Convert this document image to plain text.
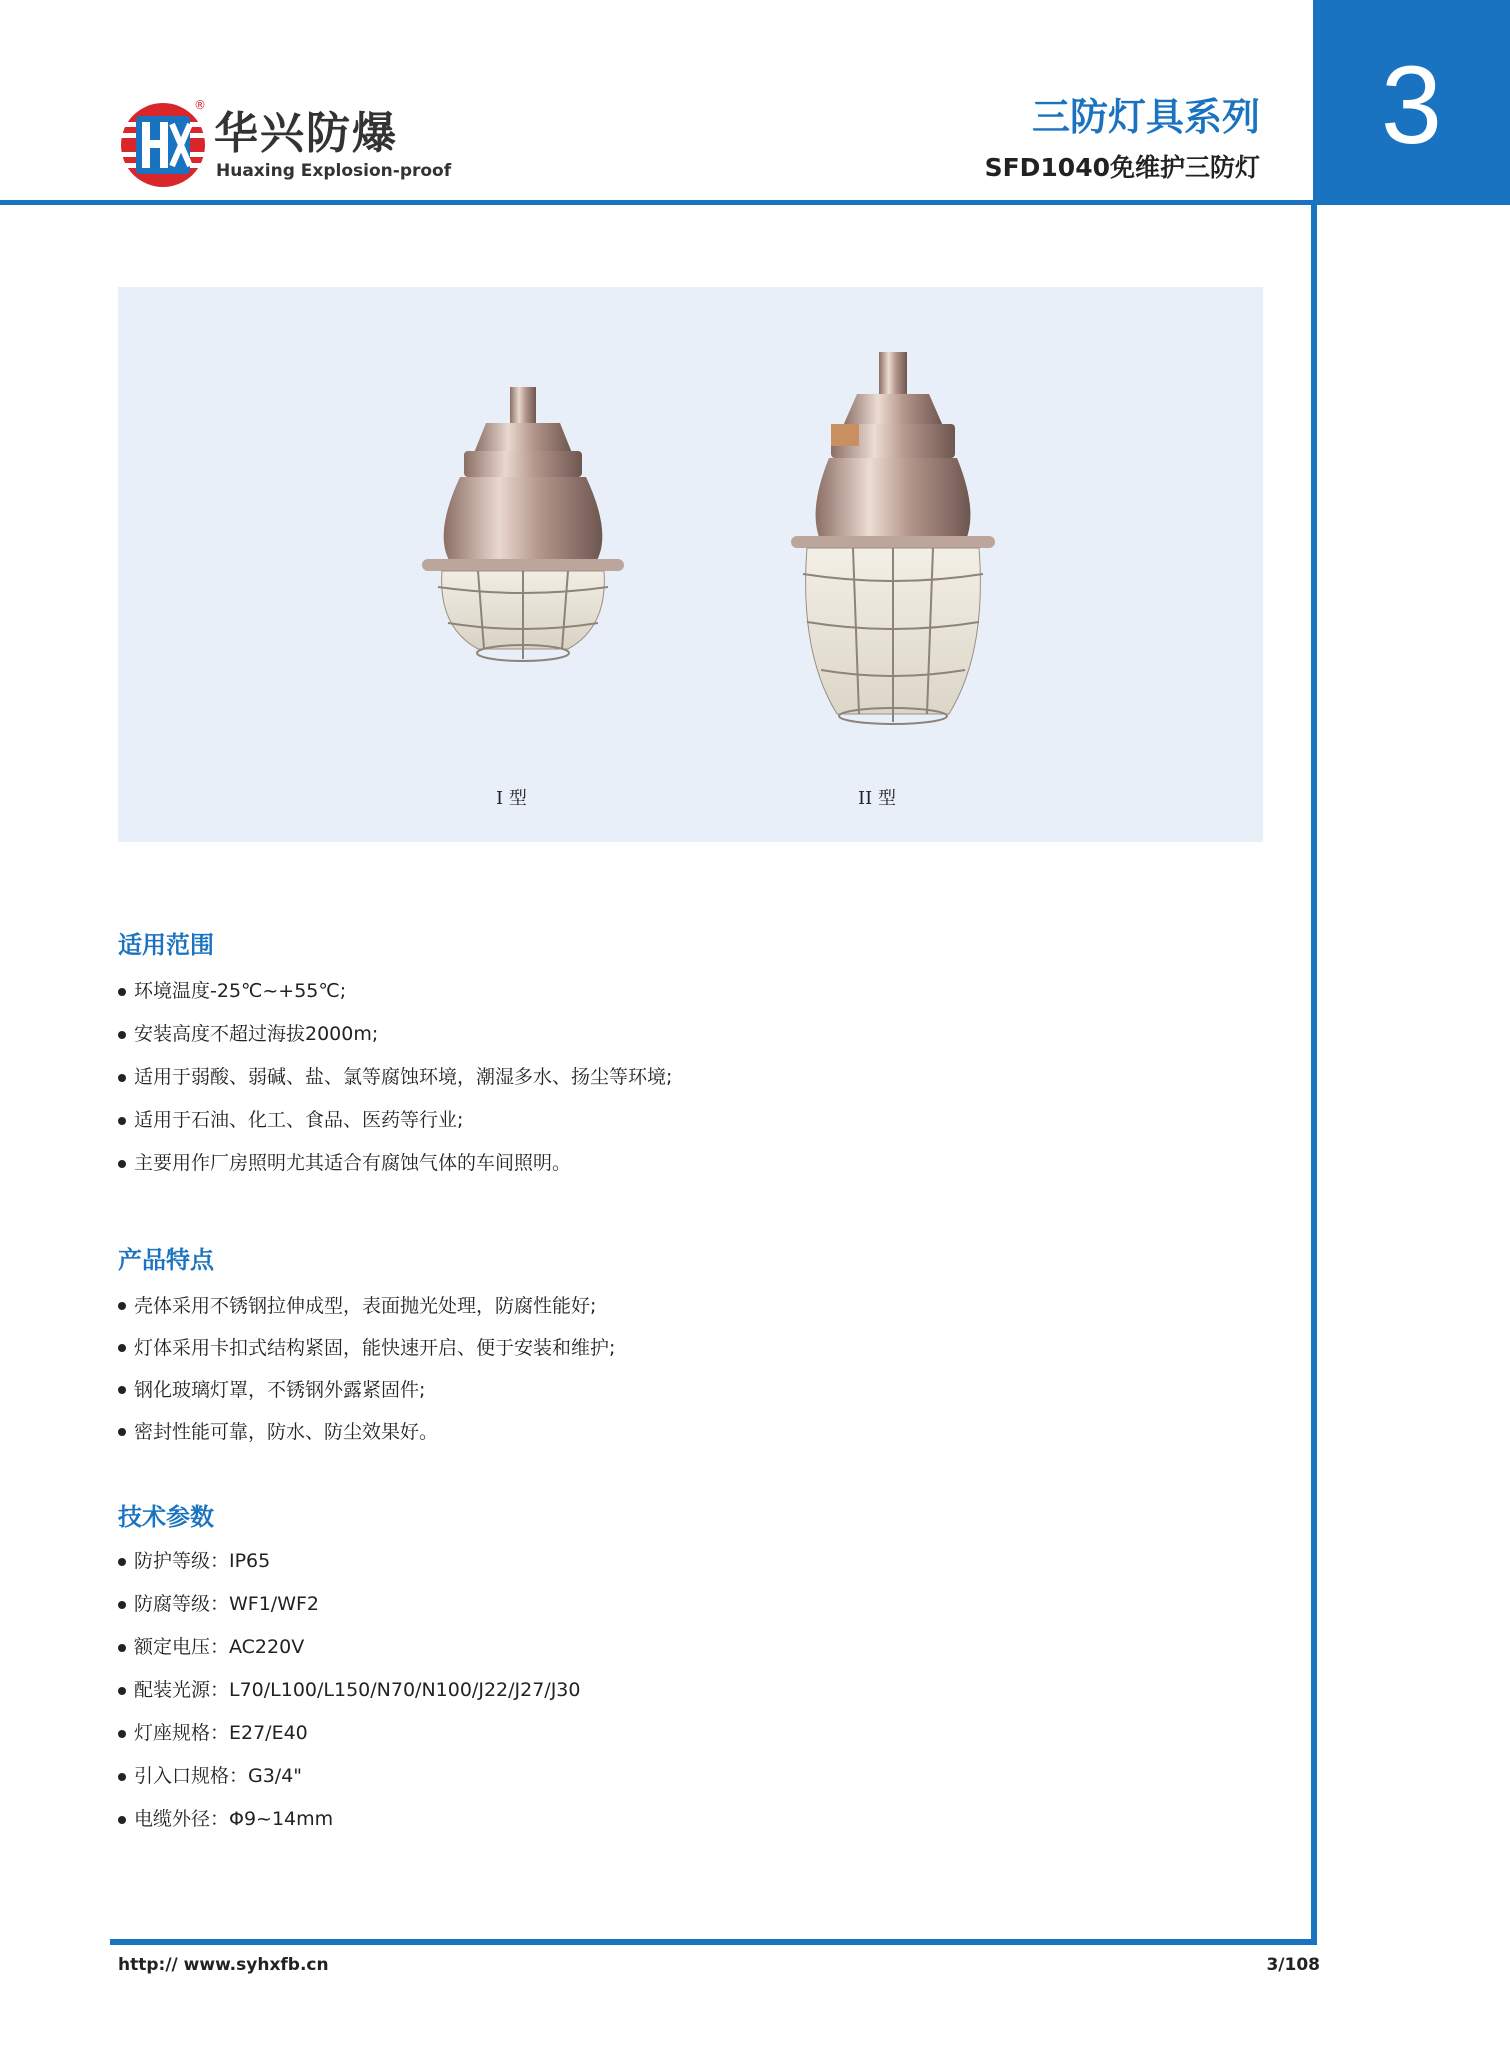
®
华兴防爆
Huaxing Explosion-proof
三防灯具系列
SFD1040免维护三防灯
3
I 型	II 型
适用范围
环境温度-25℃~+55℃;
安装高度不超过海拔2000m;
适用于弱酸、弱碱、盐、氯等腐蚀环境，潮湿多水、扬尘等环境;
适用于石油、化工、食品、医药等行业;
主要用作厂房照明尤其适合有腐蚀气体的车间照明。
产品特点
壳体采用不锈钢拉伸成型，表面抛光处理，防腐性能好;
灯体采用卡扣式结构紧固，能快速开启、便于安装和维护;
钢化玻璃灯罩，不锈钢外露紧固件;
密封性能可靠，防水、防尘效果好。
技术参数
防护等级：IP65
防腐等级：WF1/WF2
额定电压：AC220V
配装光源：L70/L100/L150/N70/N100/J22/J27/J30
灯座规格：E27/E40
引入口规格：G3/4"
电缆外径：Φ9~14mm
http:// www.syhxfb.cn	3/108
